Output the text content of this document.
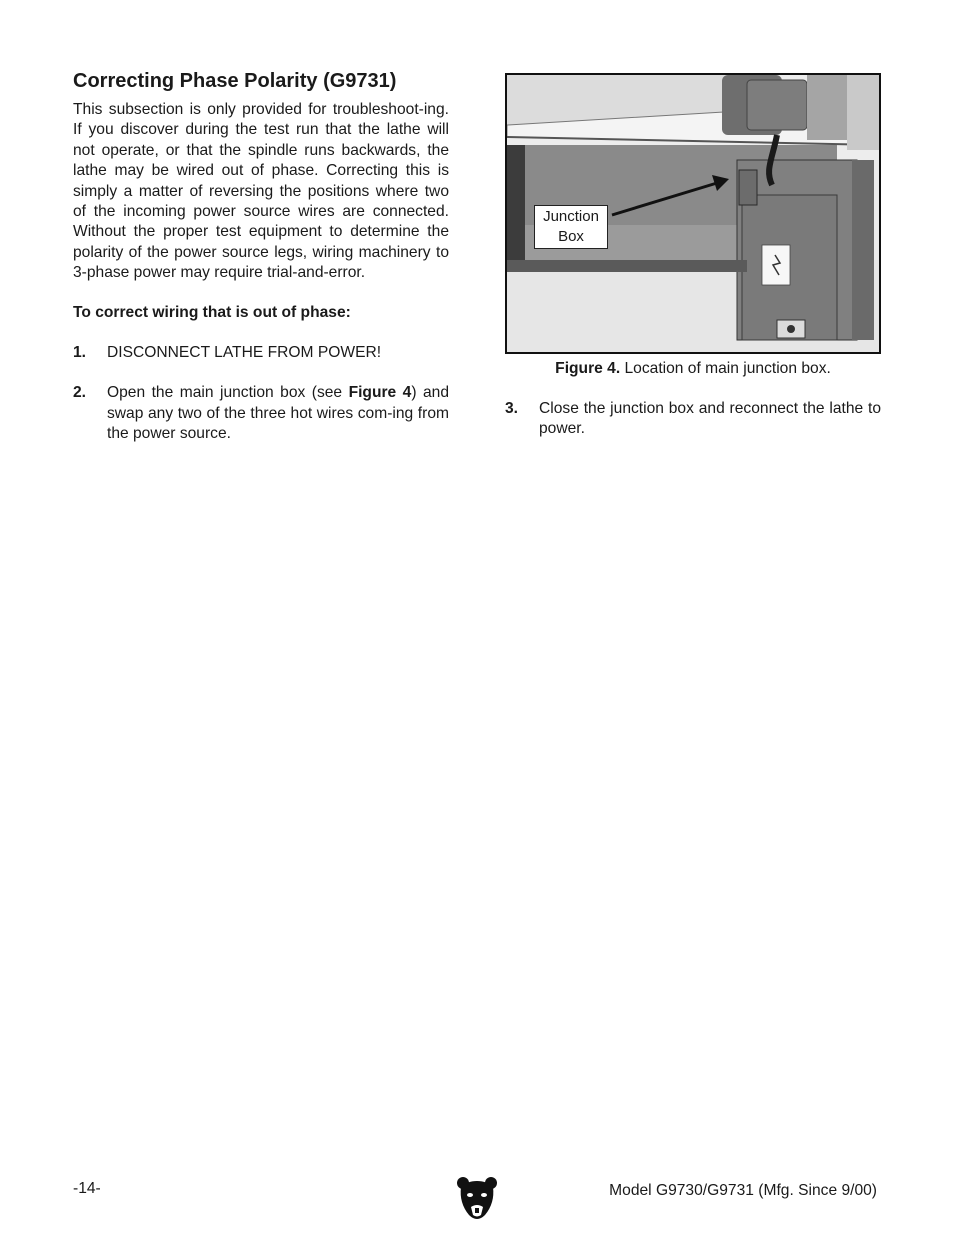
Correcting Phase Polarity (G9731)

This subsection is only provided for troubleshoot-ing. If you discover during the test run that the lathe will not operate, or that the spindle runs backwards, the lathe may be wired out of phase. Correcting this is simply a matter of reversing the positions where two of the incoming power source wires are connected. Without the proper test equipment to determine the polarity of the power source legs, wiring machinery to 3-phase power may require trial-and-error.

To correct wiring that is out of phase:

1.	DISCONNECT LATHE FROM POWER!
2.	Open the main junction box (see Figure 4) and swap any two of the three hot wires com-ing from the power source.
Junction
Box
Figure 4. Location of main junction box.
3.	Close the junction box and reconnect the lathe to power.
-14-	Model G9730/G9731 (Mfg. Since 9/00)
